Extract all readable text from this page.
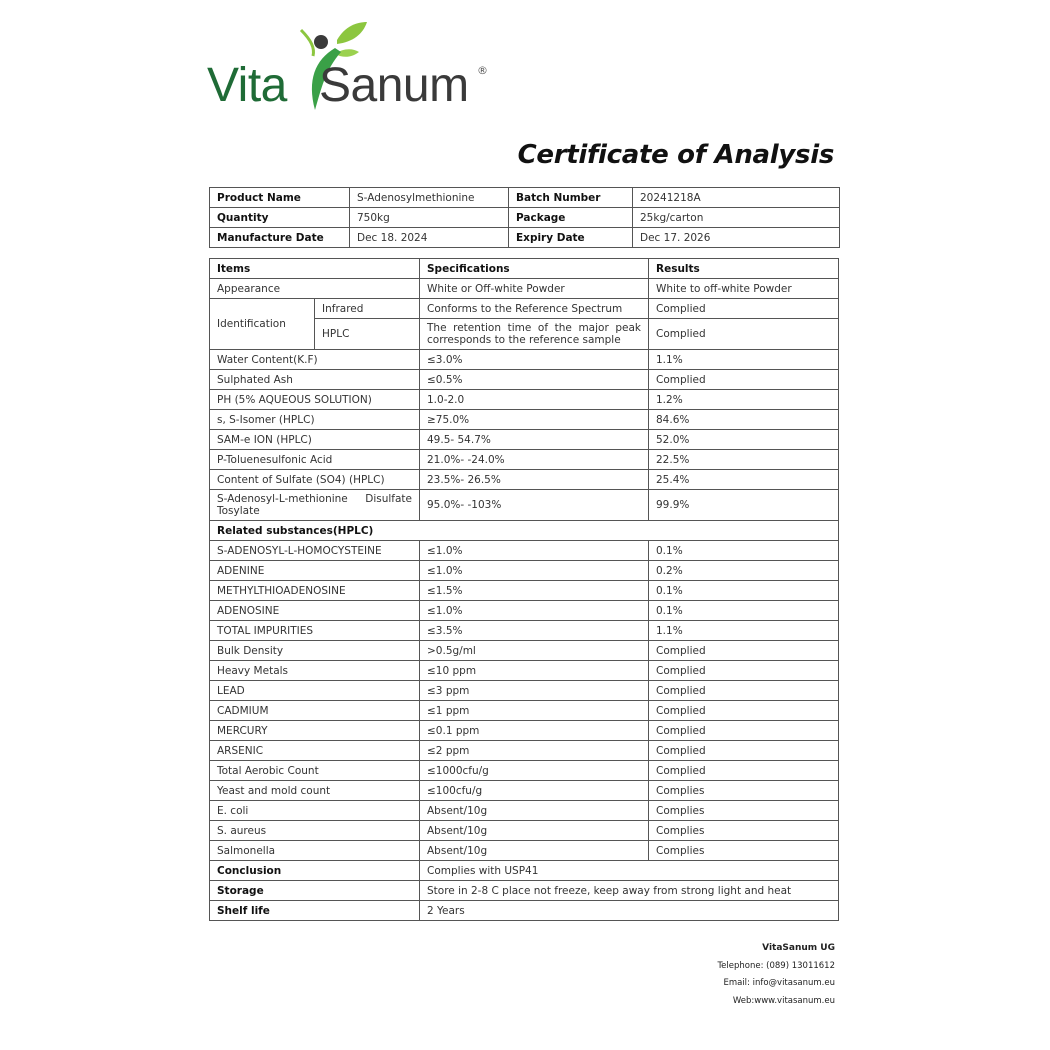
Vita Sanum ®
Certificate of Analysis
Product Name	S-Adenosylmethionine	Batch Number	20241218A
Quantity	750kg	Package	25kg/carton
Manufacture Date	Dec 18. 2024	Expiry Date	Dec 17. 2026
Items		Specifications	Results
Appearance		White or Off-white Powder	White to off-white Powder
Identification	Infrared	Conforms to the Reference Spectrum	Complied
	HPLC	The retention time of the major peak corresponds to the reference sample	Complied
Water Content(K.F)		≤3.0%	1.1%
Sulphated Ash		≤0.5%	Complied
PH (5% AQUEOUS SOLUTION)		1.0-2.0	1.2%
s, S-Isomer (HPLC)		≥75.0%	84.6%
SAM-e ION (HPLC)		49.5- 54.7%	52.0%
P-Toluenesulfonic Acid		21.0%- -24.0%	22.5%
Content of Sulfate (SO4) (HPLC)		23.5%- 26.5%	25.4%
S-Adenosyl-L-methionine Disulfate Tosylate		95.0%- -103%	99.9%
Related substances(HPLC)			
S-ADENOSYL-L-HOMOCYSTEINE		≤1.0%	0.1%
ADENINE		≤1.0%	0.2%
METHYLTHIOADENOSINE		≤1.5%	0.1%
ADENOSINE		≤1.0%	0.1%
TOTAL IMPURITIES		≤3.5%	1.1%
Bulk Density		>0.5g/ml	Complied
Heavy Metals		≤10 ppm	Complied
LEAD		≤3 ppm	Complied
CADMIUM		≤1 ppm	Complied
MERCURY		≤0.1 ppm	Complied
ARSENIC		≤2 ppm	Complied
Total Aerobic Count		≤1000cfu/g	Complied
Yeast and mold count		≤100cfu/g	Complies
E. coli		Absent/10g	Complies
S. aureus		Absent/10g	Complies
Salmonella		Absent/10g	Complies
Conclusion		Complies with USP41	
Storage		Store in 2-8 C place not freeze, keep away from strong light and heat	
Shelf life		2 Years	
VitaSanum UG
Telephone: (089) 13011612
Email: info@vitasanum.eu
Web:www.vitasanum.eu
